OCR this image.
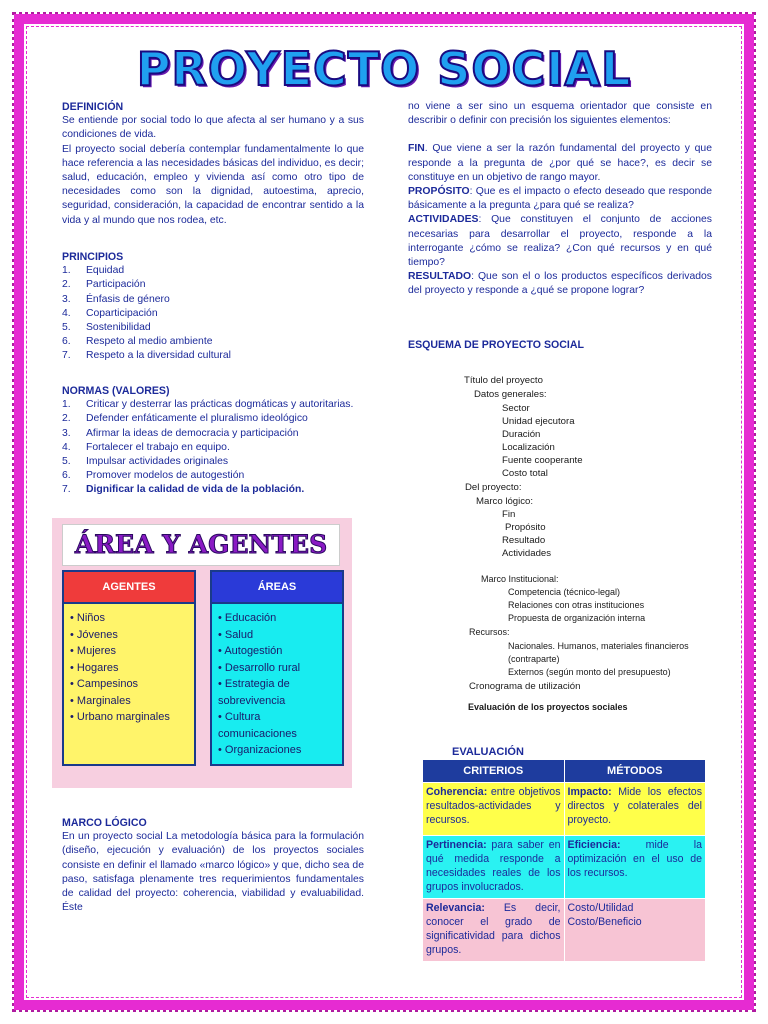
PROYECTO SOCIAL
DEFINICIÓN

Se entiende por social todo lo que afecta al ser humano y a sus condiciones de vida.

El proyecto social debería contemplar fundamentalmente lo que hace referencia a las necesidades básicas del individuo, es decir; salud, educación, empleo y vivienda así como otro tipo de necesidades como son la dignidad, autoestima, aprecio, seguridad, consideración, la capacidad de encontrar sentido a la vida y al mundo que nos rodea, etc.

PRINCIPIOS
1.	Equidad
2.	Participación
3.	Énfasis de género
4.	Coparticipación
5.	Sostenibilidad
6.	Respeto al medio ambiente
7.	Respeto a la diversidad cultural
NORMAS (VALORES)
1.	Criticar y desterrar las prácticas dogmáticas y autoritarias.
2.	Defender enfáticamente el pluralismo ideológico
3.	Afirmar la ideas de democracia y participación
4.	Fortalecer el trabajo en equipo.
5.	Impulsar actividades originales
6.	Promover modelos de autogestión
7.	Dignificar la calidad de vida de la población.
ÁREA Y AGENTES
AGENTES
• Niños
• Jóvenes
• Mujeres
• Hogares
• Campesinos
• Marginales
• Urbano marginales
ÁREAS
• Educación
• Salud
• Autogestión
• Desarrollo rural
• Estrategia de sobrevivencia
• Cultura comunicaciones
• Organizaciones
MARCO LÓGICO

En un proyecto social La metodología básica para la formulación (diseño, ejecución y evaluación) de los proyectos sociales consiste en definir el llamado «marco lógico» y que, dicho sea de paso, satisfaga plenamente tres requerimientos fundamentales de calidad del proyecto: coherencia, viabilidad y evaluabilidad. Éste

no viene a ser sino un esquema orientador que consiste en describir o definir con precisión los siguientes elementos:

FIN. Que viene a ser la razón fundamental del proyecto y que responde a la pregunta de ¿por qué se hace?, es decir se constituye en un objetivo de rango mayor.

PROPÓSITO: Que es el impacto o efecto deseado que responde básicamente a la pregunta ¿para qué se realiza?

ACTIVIDADES: Que constituyen el conjunto de acciones necesarias para desarrollar el proyecto, responde a la interrogante ¿cómo se realiza? ¿Con qué recursos y en qué tiempo?

RESULTADO: Que son el o los productos específicos derivados del proyecto y responde a ¿qué se propone lograr?

ESQUEMA DE PROYECTO SOCIAL
Título del proyecto
Datos generales:
Sector
Unidad ejecutora
Duración
Localización
Fuente cooperante
Costo total
Del proyecto:
Marco lógico:
Fin
Propósito
Resultado
Actividades
Marco Institucional:
Competencia (técnico-legal)
Relaciones con otras instituciones
Propuesta de organización interna
Recursos:
Nacionales. Humanos, materiales financieros
(contraparte)
Externos (según monto del presupuesto)
Cronograma de utilización
Evaluación de los proyectos sociales
EVALUACIÓN
CRITERIOS	MÉTODOS
Coherencia: entre objetivos resultados-actividades y recursos.	Impacto: Mide los efectos directos y colaterales del proyecto.
Pertinencia: para saber en qué medida responde a necesidades reales de los grupos involucrados.	Eficiencia: mide la optimización en el uso de los recursos.
Relevancia: Es decir, conocer el grado de significatividad para dichos grupos.	Costo/Utilidad
Costo/Beneficio
